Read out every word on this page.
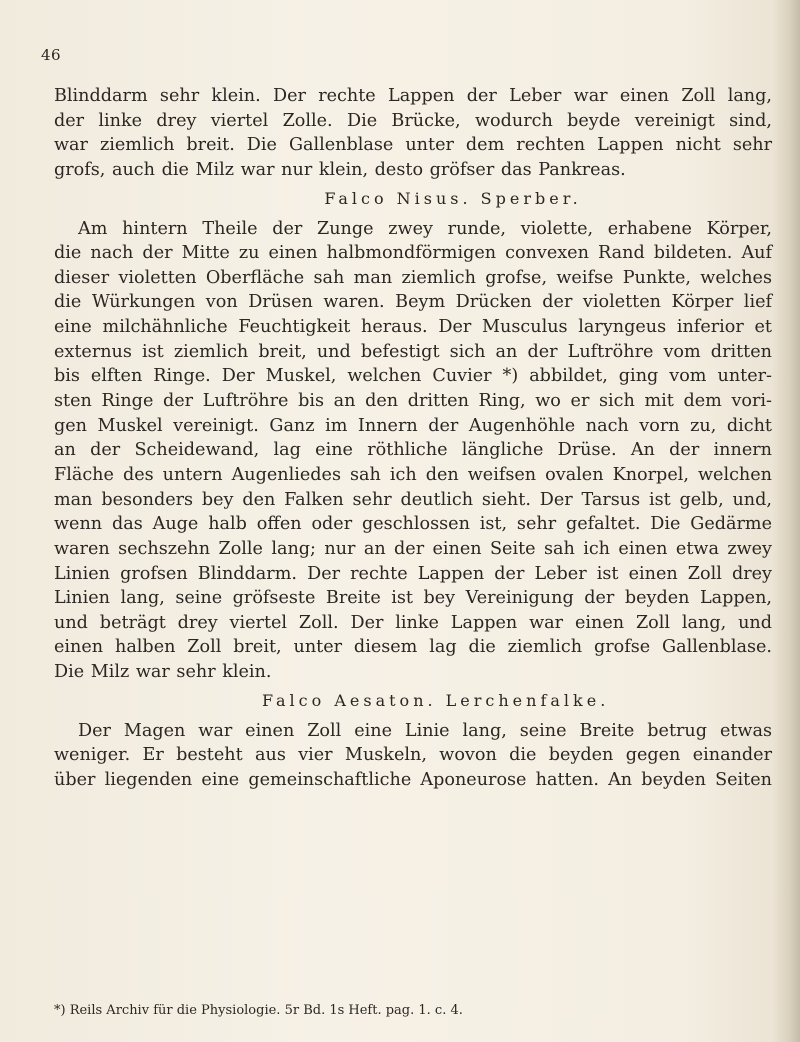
46
Blinddarm sehr klein. Der rechte Lappen der Leber war einen Zoll lang,
der linke drey viertel Zolle. Die Brücke, wodurch beyde vereinigt sind,
war ziemlich breit. Die Gallenblase unter dem rechten Lappen nicht sehr
grofs, auch die Milz war nur klein, desto gröfser das Pankreas.
Falco Nisus. Sperber.
Am hintern Theile der Zunge zwey runde, violette, erhabene Körper,
die nach der Mitte zu einen halbmondförmigen convexen Rand bildeten. Auf
dieser violetten Oberfläche sah man ziemlich grofse, weifse Punkte, welches
die Würkungen von Drüsen waren. Beym Drücken der violetten Körper lief
eine milchähnliche Feuchtigkeit heraus. Der Musculus laryngeus inferior et
externus ist ziemlich breit, und befestigt sich an der Luftröhre vom dritten
bis elften Ringe. Der Muskel, welchen Cuvier *) abbildet, ging vom unter-
sten Ringe der Luftröhre bis an den dritten Ring, wo er sich mit dem vori-
gen Muskel vereinigt. Ganz im Innern der Augenhöhle nach vorn zu, dicht
an der Scheidewand, lag eine röthliche längliche Drüse. An der innern
Fläche des untern Augenliedes sah ich den weifsen ovalen Knorpel, welchen
man besonders bey den Falken sehr deutlich sieht. Der Tarsus ist gelb, und,
wenn das Auge halb offen oder geschlossen ist, sehr gefaltet. Die Gedärme
waren sechszehn Zolle lang; nur an der einen Seite sah ich einen etwa zwey
Linien grofsen Blinddarm. Der rechte Lappen der Leber ist einen Zoll drey
Linien lang, seine gröfseste Breite ist bey Vereinigung der beyden Lappen,
und beträgt drey viertel Zoll. Der linke Lappen war einen Zoll lang, und
einen halben Zoll breit, unter diesem lag die ziemlich grofse Gallenblase.
Die Milz war sehr klein.
Falco Aesaton. Lerchenfalke.
Der Magen war einen Zoll eine Linie lang, seine Breite betrug etwas
weniger. Er besteht aus vier Muskeln, wovon die beyden gegen einander
über liegenden eine gemeinschaftliche Aponeurose hatten. An beyden Seiten
*) Reils Archiv für die Physiologie. 5r Bd. 1s Heft. pag. 1. c. 4.
